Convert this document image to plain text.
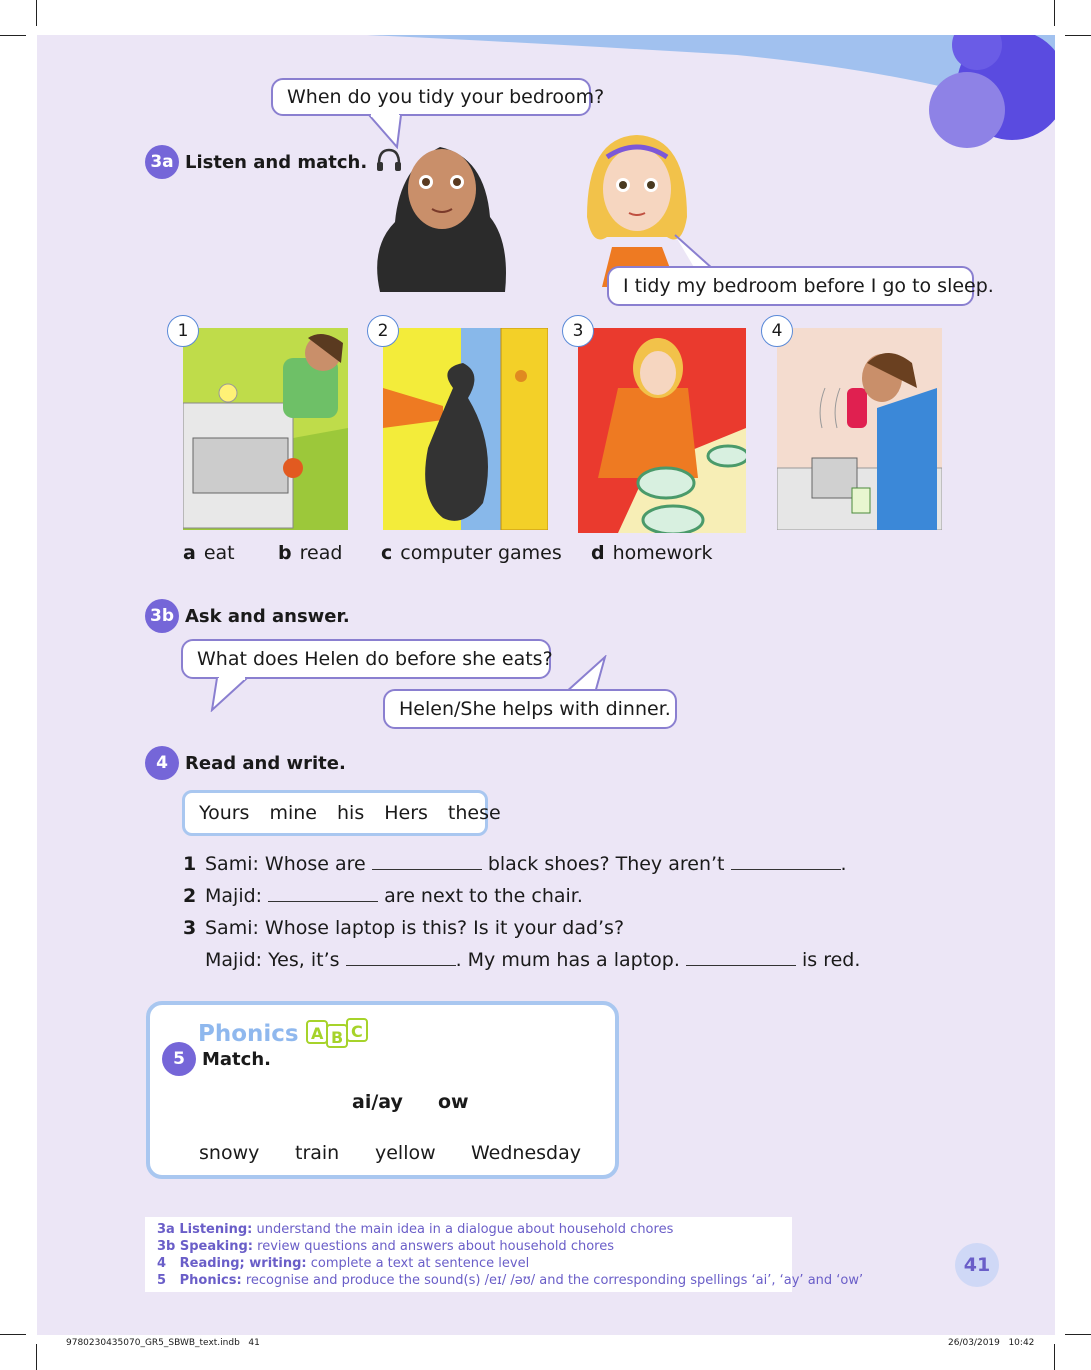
When do you tidy your bedroom?
3a Listen and match.
I tidy my bedroom before I go to sleep.
1	2	3	4
a eat b read c computer games d homework
3b Ask and answer.
What does Helen do before she eats?
Helen/She helps with dinner.
4 Read and write.
Yours mine his Hers these
1 Sami: Whose are	black shoes? They aren’t	.
2 Majid:	are next to the chair.
3 Sami: Whose laptop is this? Is it your dad’s?
Majid: Yes, it’s	. My mum has a laptop.	is red.
Phonics A B C
5 Match.
ai/ay ow
snowy train yellow Wednesday
3a Listening: understand the main idea in a dialogue about household chores
3b Speaking: review questions and answers about household chores
4   Reading; writing: complete a text at sentence level
5   Phonics: recognise and produce the sound(s) /eɪ/ /əʊ/ and the corresponding spellings ‘ai’, ‘ay’ and ‘ow’
41
9780230435070_GR5_SBWB_text.indb   41	26/03/2019   10:42
